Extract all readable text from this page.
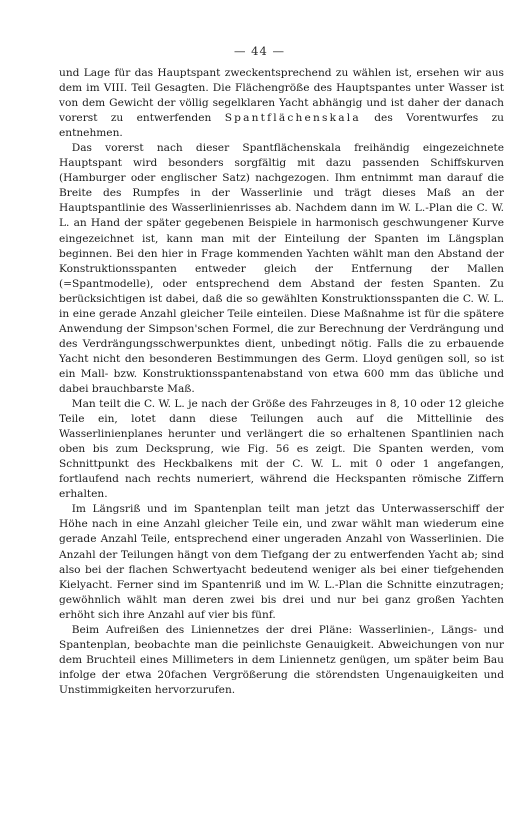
— 44 —

und Lage für das Hauptspant zweckentsprechend zu wählen ist, ersehen wir aus dem im VIII. Teil Gesagten. Die Flächengröße des Hauptspantes unter Wasser ist von dem Gewicht der völlig segelklaren Yacht abhängig und ist daher der danach vorerst zu entwerfenden Spantflächenskala des Vorentwurfes zu entnehmen.

Das vorerst nach dieser Spantflächenskala freihändig eingezeichnete Hauptspant wird besonders sorgfältig mit dazu passenden Schiffskurven (Hamburger oder englischer Satz) nachgezogen. Ihm entnimmt man darauf die Breite des Rumpfes in der Wasserlinie und trägt dieses Maß an der Hauptspantlinie des Wasserlinienrisses ab. Nachdem dann im W. L.-Plan die C. W. L. an Hand der später gegebenen Beispiele in harmonisch geschwungener Kurve eingezeichnet ist, kann man mit der Einteilung der Spanten im Längsplan beginnen. Bei den hier in Frage kommenden Yachten wählt man den Abstand der Konstruktionsspanten entweder gleich der Entfernung der Mallen (=Spantmodelle), oder entsprechend dem Abstand der festen Spanten. Zu berücksichtigen ist dabei, daß die so gewählten Konstruktionsspanten die C. W. L. in eine gerade Anzahl gleicher Teile einteilen. Diese Maßnahme ist für die spätere Anwendung der Simpson'schen Formel, die zur Berechnung der Verdrängung und des Verdrängungsschwerpunktes dient, unbedingt nötig. Falls die zu erbauende Yacht nicht den besonderen Bestimmungen des Germ. Lloyd genügen soll, so ist ein Mall- bzw. Konstruktionsspantenabstand von etwa 600 mm das übliche und dabei brauchbarste Maß.

Man teilt die C. W. L. je nach der Größe des Fahrzeuges in 8, 10 oder 12 gleiche Teile ein, lotet dann diese Teilungen auch auf die Mittellinie des Wasserlinienplanes herunter und verlängert die so erhaltenen Spantlinien nach oben bis zum Decksprung, wie Fig. 56 es zeigt. Die Spanten werden, vom Schnittpunkt des Heckbalkens mit der C. W. L. mit 0 oder 1 angefangen, fortlaufend nach rechts numeriert, während die Heckspanten römische Ziffern erhalten.

Im Längsriß und im Spantenplan teilt man jetzt das Unterwasserschiff der Höhe nach in eine Anzahl gleicher Teile ein, und zwar wählt man wiederum eine gerade Anzahl Teile, entsprechend einer ungeraden Anzahl von Wasserlinien. Die Anzahl der Teilungen hängt von dem Tiefgang der zu entwerfenden Yacht ab; sind also bei der flachen Schwertyacht bedeutend weniger als bei einer tiefgehenden Kielyacht. Ferner sind im Spantenriß und im W. L.-Plan die Schnitte einzutragen; gewöhnlich wählt man deren zwei bis drei und nur bei ganz großen Yachten erhöht sich ihre Anzahl auf vier bis fünf.

Beim Aufreißen des Liniennetzes der drei Pläne: Wasserlinien-, Längs- und Spantenplan, beobachte man die peinlichste Genauigkeit. Abweichungen von nur dem Bruchteil eines Millimeters in dem Liniennetz genügen, um später beim Bau infolge der etwa 20fachen Vergrößerung die störendsten Ungenauigkeiten und Unstimmigkeiten hervorzurufen.
